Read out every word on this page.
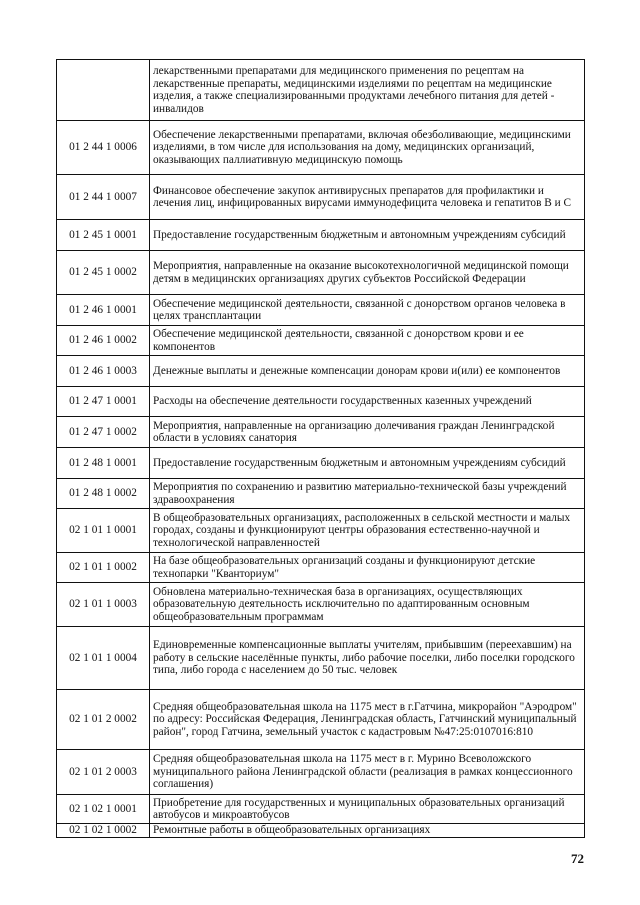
	лекарственными препаратами для медицинского применения по рецептам на лекарственные препараты, медицинскими изделиями по рецептам на медицинские изделия, а также специализированными продуктами лечебного питания для детей - инвалидов
01 2 44 1 0006	Обеспечение лекарственными препаратами, включая обезболивающие, медицинскими изделиями, в том числе для использования на дому, медицинских организаций, оказывающих паллиативную медицинскую помощь
01 2 44 1 0007	Финансовое обеспечение закупок антивирусных препаратов для профилактики и лечения лиц, инфицированных вирусами иммунодефицита человека и гепатитов В и С
01 2 45 1 0001	Предоставление государственным бюджетным и автономным учреждениям субсидий
01 2 45 1 0002	Мероприятия, направленные на оказание высокотехнологичной медицинской помощи детям в медицинских организациях других субъектов Российской Федерации
01 2 46 1 0001	Обеспечение медицинской деятельности, связанной с донорством органов человека в целях трансплантации
01 2 46 1 0002	Обеспечение медицинской деятельности, связанной с донорством крови и ее компонентов
01 2 46 1 0003	Денежные выплаты и денежные компенсации донорам крови и(или) ее компонентов
01 2 47 1 0001	Расходы на обеспечение деятельности государственных казенных учреждений
01 2 47 1 0002	Мероприятия, направленные на организацию долечивания граждан Ленинградской области в условиях санатория
01 2 48 1 0001	Предоставление государственным бюджетным и автономным учреждениям субсидий
01 2 48 1 0002	Мероприятия по сохранению и развитию материально-технической базы учреждений здравоохранения
02 1 01 1 0001	В общеобразовательных организациях, расположенных в сельской местности и малых городах, созданы и функционируют центры образования естественно-научной и технологической направленностей
02 1 01 1 0002	На базе общеобразовательных организаций созданы и функционируют детские технопарки "Кванториум"
02 1 01 1 0003	Обновлена материально-техническая база в организациях, осуществляющих образовательную деятельность исключительно по адаптированным основным общеобразовательным программам
02 1 01 1 0004	Единовременные компенсационные выплаты учителям, прибывшим (переехавшим) на работу в сельские населённые пункты, либо рабочие поселки, либо поселки городского типа, либо города с населением до 50 тыс. человек
02 1 01 2 0002	Средняя общеобразовательная школа на 1175 мест в г.Гатчина, микрорайон "Аэродром" по адресу: Российская Федерация, Ленинградская область, Гатчинский муниципальный район", город Гатчина, земельный участок с кадастровым №47:25:0107016:810
02 1 01 2 0003	Средняя общеобразовательная школа на 1175 мест в г. Мурино Всеволожского муниципального района Ленинградской области (реализация в рамках концессионного соглашения)
02 1 02 1 0001	Приобретение для государственных и муниципальных образовательных организаций автобусов и микроавтобусов
02 1 02 1 0002	Ремонтные работы в общеобразовательных организациях
72
